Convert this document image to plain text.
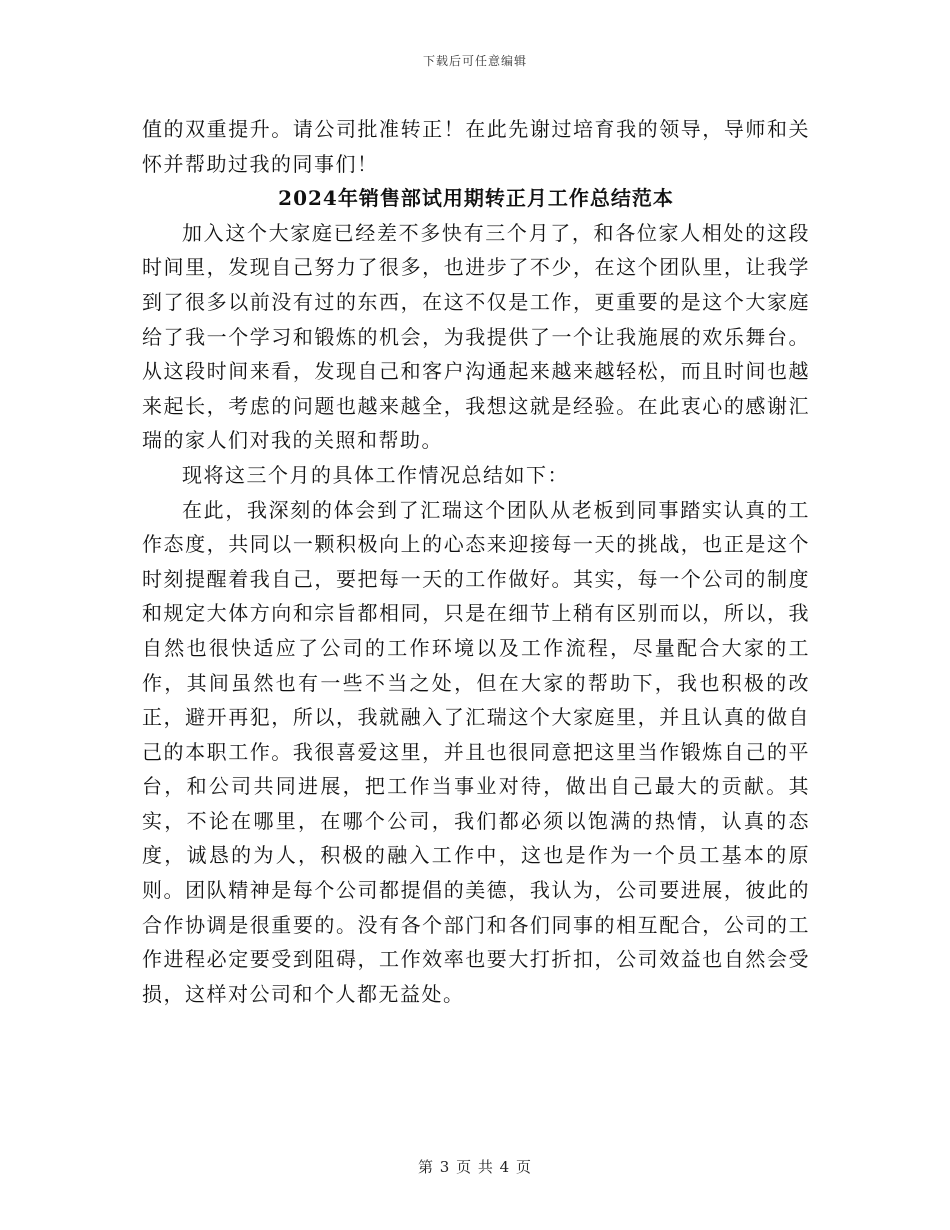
下载后可任意编辑

值的双重提升。请公司批准转正！在此先谢过培育我的领导，导师和关怀并帮助过我的同事们！

2024年销售部试用期转正月工作总结范本

加入这个大家庭已经差不多快有三个月了，和各位家人相处的这段时间里，发现自己努力了很多，也进步了不少，在这个团队里，让我学到了很多以前没有过的东西，在这不仅是工作，更重要的是这个大家庭给了我一个学习和锻炼的机会，为我提供了一个让我施展的欢乐舞台。从这段时间来看，发现自己和客户沟通起来越来越轻松，而且时间也越来起长，考虑的问题也越来越全，我想这就是经验。在此衷心的感谢汇瑞的家人们对我的关照和帮助。

现将这三个月的具体工作情况总结如下：

在此，我深刻的体会到了汇瑞这个团队从老板到同事踏实认真的工作态度，共同以一颗积极向上的心态来迎接每一天的挑战，也正是这个时刻提醒着我自己，要把每一天的工作做好。其实，每一个公司的制度和规定大体方向和宗旨都相同，只是在细节上稍有区别而以，所以，我自然也很快适应了公司的工作环境以及工作流程，尽量配合大家的工作，其间虽然也有一些不当之处，但在大家的帮助下，我也积极的改正，避开再犯，所以，我就融入了汇瑞这个大家庭里，并且认真的做自己的本职工作。我很喜爱这里，并且也很同意把这里当作锻炼自己的平台，和公司共同进展，把工作当事业对待，做出自己最大的贡献。其实，不论在哪里，在哪个公司，我们都必须以饱满的热情，认真的态度，诚恳的为人，积极的融入工作中，这也是作为一个员工基本的原则。团队精神是每个公司都提倡的美德，我认为，公司要进展，彼此的合作协调是很重要的。没有各个部门和各们同事的相互配合，公司的工作进程必定要受到阻碍，工作效率也要大打折扣，公司效益也自然会受损，这样对公司和个人都无益处。

第 3 页 共 4 页
